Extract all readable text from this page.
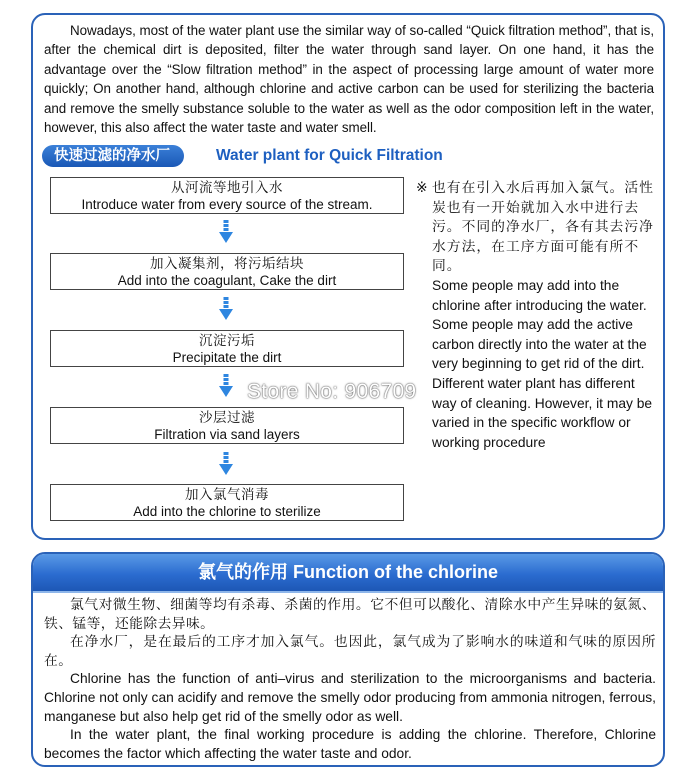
Nowadays, most of the water plant use the similar way of so-called “Quick filtration method”, that is, after the chemical dirt is deposited, filter the water through sand layer. On one hand, it has the advantage over the “Slow filtration method” in the aspect of processing large amount of water more quickly; On another hand, although chlorine and active carbon can be used for sterilizing the bacteria and remove the smelly substance soluble to the water as well as the odor composition left in the water, however, this also affect the water taste and water smell.

快速过滤的净水厂	Water plant for Quick Filtration
从河流等地引入水
Introduce water from every source of the stream.
加入凝集剂，将污垢结块
Add into the coagulant, Cake the dirt
沉淀污垢
Precipitate the dirt
沙层过滤
Filtration via sand layers
加入氯气消毒
Add into the chlorine to sterilize
※ 也有在引入水后再加入氯气。活性炭也有一开始就加入水中进行去污。不同的净水厂，各有其去污净水方法，在工序方面可能有所不同。

Some people may add into the chlorine after introducing the water. Some people may add the active carbon directly into the water at the very beginning to get rid of the dirt. Different water plant has different way of cleaning. However, it may be varied in the specific workflow or working procedure

Store No: 906709
氯气的作用 Function of the chlorine

氯气对微生物、细菌等均有杀毒、杀菌的作用。它不但可以酸化、清除水中产生异味的氨氮、铁、锰等，还能除去异味。

在净水厂，是在最后的工序才加入氯气。也因此，氯气成为了影响水的味道和气味的原因所在。

Chlorine has the function of anti–virus and sterilization to the microorganisms and bacteria. Chlorine not only can acidify and remove the smelly odor producing from ammonia nitrogen, ferrous, manganese but also help get rid of the smelly odor as well.

In the water plant, the final working procedure is adding the chlorine. Therefore, Chlorine becomes the factor which affecting the water taste and odor.
